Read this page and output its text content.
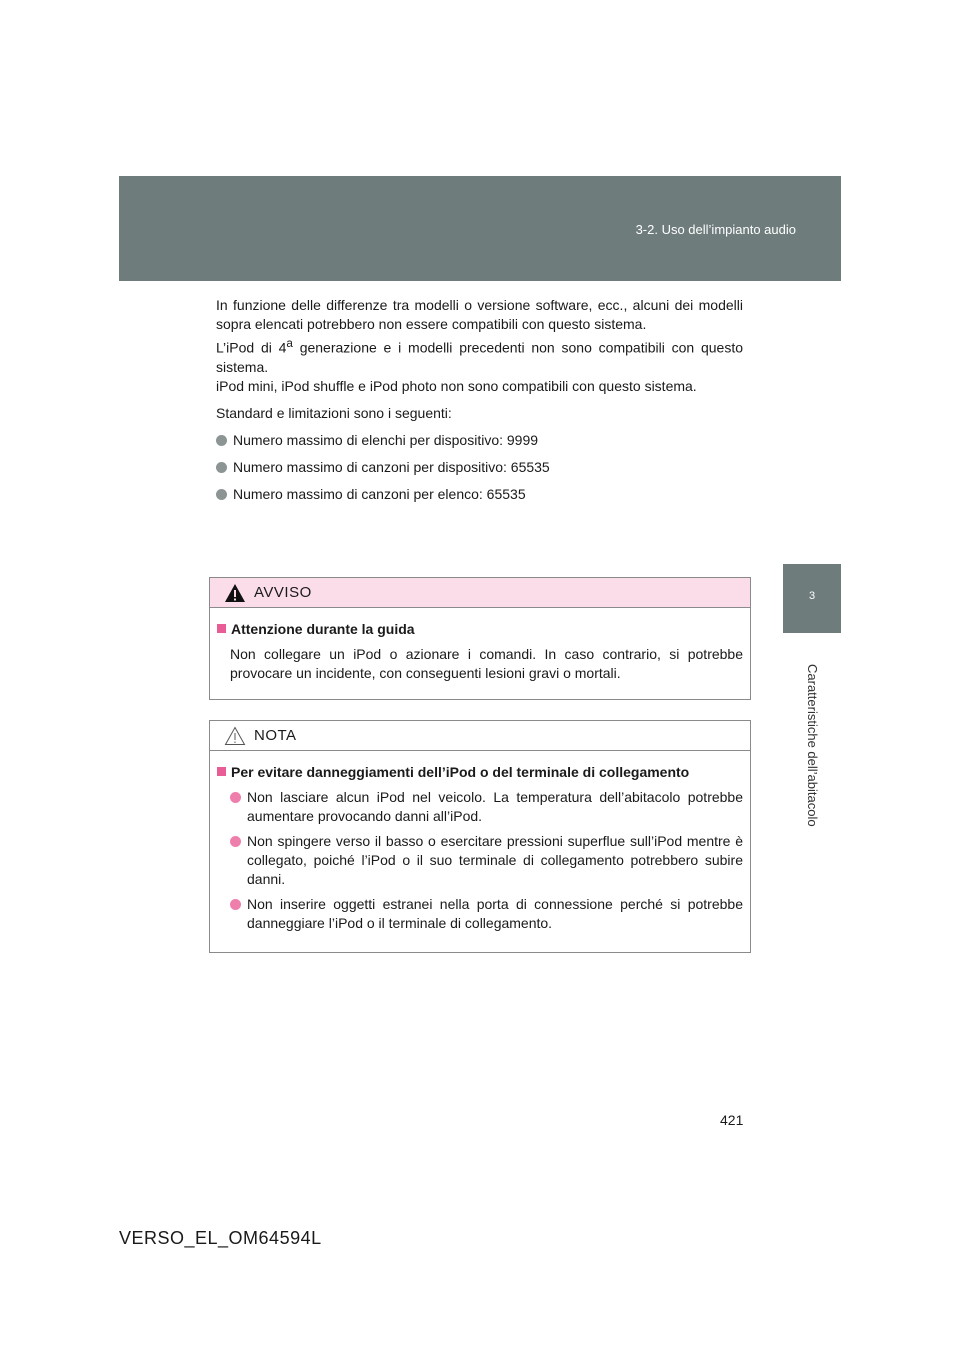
3-2. Uso dell’impianto audio
3
Caratteristiche dell’abitacolo

In funzione delle differenze tra modelli o versione software, ecc., alcuni dei modelli sopra elencati potrebbero non essere compatibili con questo sistema.

L’iPod di 4$^a$ generazione e i modelli precedenti non sono compatibili con questo sistema.

iPod mini, iPod shuffle e iPod photo non sono compatibili con questo sistema.

Standard e limitazioni sono i seguenti:

Numero massimo di elenchi per dispositivo: 9999
Numero massimo di canzoni per dispositivo: 65535
Numero massimo di canzoni per elenco: 65535
AVVISO
Attenzione durante la guida
Non collegare un iPod o azionare i comandi. In caso contrario, si potrebbe provocare un incidente, con conseguenti lesioni gravi o mortali.
NOTA
Per evitare danneggiamenti dell’iPod o del terminale di collegamento
Non lasciare alcun iPod nel veicolo. La temperatura dell’abitacolo potrebbe aumentare provocando danni all’iPod.
Non spingere verso il basso o esercitare pressioni superflue sull’iPod mentre è collegato, poiché l’iPod o il suo terminale di collegamento potrebbero subire danni.
Non inserire oggetti estranei nella porta di connessione perché si potrebbe danneggiare l’iPod o il terminale di collegamento.
421
VERSO_EL_OM64594L
